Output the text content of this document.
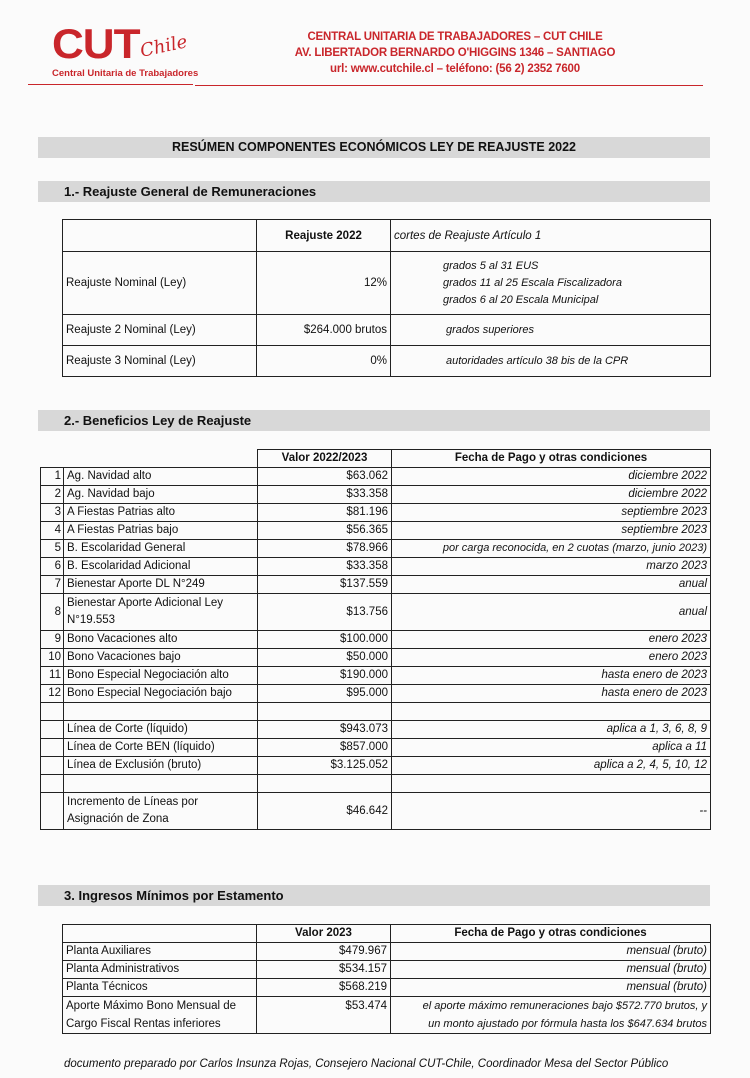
CUT
Chile
Central Unitaria de Trabajadores
CENTRAL UNITARIA DE TRABAJADORES – CUT CHILE
AV. LIBERTADOR BERNARDO O'HIGGINS 1346 – SANTIAGO
url: www.cutchile.cl – teléfono: (56 2) 2352 7600
RESÚMEN COMPONENTES ECONÓMICOS LEY DE REAJUSTE 2022
1.- Reajuste General de Remuneraciones
	Reajuste 2022	cortes de Reajuste Artículo 1
Reajuste Nominal (Ley)	12%	grados 5 al 31 EUS
grados 11 al 25 Escala Fiscalizadora
grados 6 al 20 Escala Municipal

Reajuste 2 Nominal (Ley)	$264.000 brutos	grados superiores
Reajuste 3 Nominal (Ley)	0%	autoridades artículo 38 bis de la CPR
2.- Beneficios Ley de Reajuste
		Valor 2022/2023	Fecha de Pago y otras condiciones
1	Ag. Navidad alto	$63.062	diciembre 2022
2	Ag. Navidad bajo	$33.358	diciembre 2022
3	A Fiestas Patrias alto	$81.196	septiembre 2023
4	A Fiestas Patrias bajo	$56.365	septiembre 2023
5	B. Escolaridad General	$78.966	por carga reconocida, en 2 cuotas (marzo, junio 2023)
6	B. Escolaridad Adicional	$33.358	marzo 2023
7	Bienestar Aporte DL N°249	$137.559	anual
8	Bienestar Aporte Adicional Ley N°19.553	$13.756	anual
9	Bono Vacaciones alto	$100.000	enero 2023
10	Bono Vacaciones bajo	$50.000	enero 2023
11	Bono Especial Negociación alto	$190.000	hasta enero de 2023
12	Bono Especial Negociación bajo	$95.000	hasta enero de 2023

	Línea de Corte (líquido)	$943.073	aplica a 1, 3, 6, 8, 9
	Línea de Corte BEN (líquido)	$857.000	aplica a 11
	Línea de Exclusión (bruto)	$3.125.052	aplica a 2, 4, 5, 10, 12

	Incremento de Líneas por Asignación de Zona	$46.642	--
3. Ingresos Mínimos por Estamento
	Valor 2023	Fecha de Pago y otras condiciones
Planta Auxiliares	$479.967	mensual (bruto)
Planta Administrativos	$534.157	mensual (bruto)
Planta Técnicos	$568.219	mensual (bruto)
Aporte Máximo Bono Mensual de Cargo Fiscal Rentas inferiores	$53.474	el aporte máximo remuneraciones bajo $572.770 brutos, y
un monto ajustado por fórmula hasta los $647.634 brutos
documento preparado por Carlos Insunza Rojas, Consejero Nacional CUT-Chile, Coordinador Mesa del Sector Público
